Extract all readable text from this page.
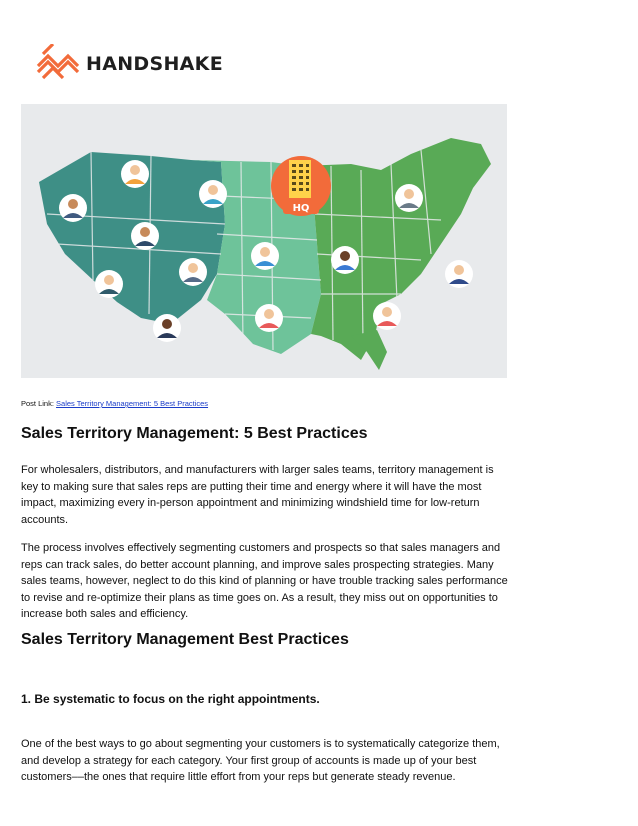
HANDSHAKE
HQ
Post Link: Sales Territory Management: 5 Best Practices
Sales Territory Management: 5 Best Practices

For wholesalers, distributors, and manufacturers with larger sales teams, territory management is key to making sure that sales reps are putting their time and energy where it will have the most impact, maximizing every in-person appointment and minimizing windshield time for low-return accounts.

The process involves effectively segmenting customers and prospects so that sales managers and reps can track sales, do better account planning, and improve sales prospecting strategies. Many sales teams, however, neglect to do this kind of planning or have trouble tracking sales performance to revise and re-optimize their plans as time goes on. As a result, they miss out on opportunities to increase both sales and efficiency.

Sales Territory Management Best Practices
1. Be systematic to focus on the right appointments.

One of the best ways to go about segmenting your customers is to systematically categorize them, and develop a strategy for each category. Your first group of accounts is made up of your best customers––the ones that require little effort from your reps but generate steady revenue.
